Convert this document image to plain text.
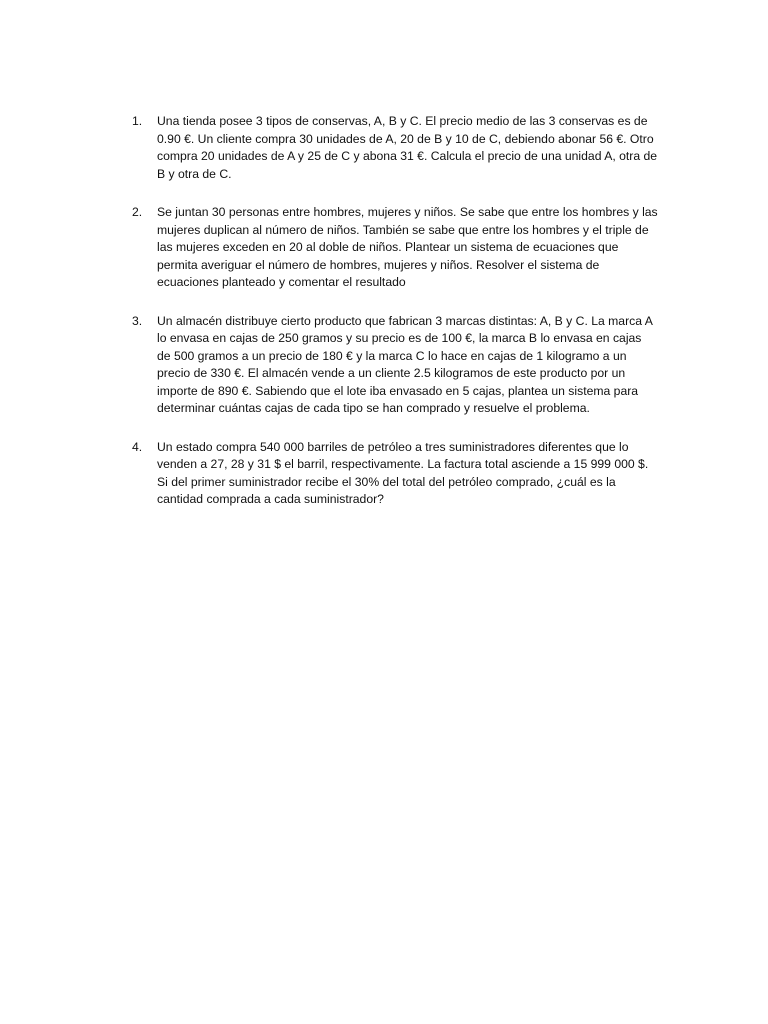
1.	Una tienda posee 3 tipos de conservas, A, B y C. El precio medio de las 3 conservas es de 0.90 €. Un cliente compra 30 unidades de A, 20 de B y 10 de C, debiendo abonar 56 €. Otro compra 20 unidades de A y 25 de C y abona 31 €. Calcula el precio de una unidad A, otra de B y otra de C.
2.	Se juntan 30 personas entre hombres, mujeres y niños. Se sabe que entre los hombres y las mujeres duplican al número de niños. También se sabe que entre los hombres y el triple de las mujeres exceden en 20 al doble de niños. Plantear un sistema de ecuaciones que permita averiguar el número de hombres, mujeres y niños. Resolver el sistema de ecuaciones planteado y comentar el resultado
3.	Un almacén distribuye cierto producto que fabrican 3 marcas distintas: A, B y C. La marca A lo envasa en cajas de 250 gramos y su precio es de 100 €, la marca B lo envasa en cajas de 500 gramos a un precio de 180 € y la marca C lo hace en cajas de 1 kilogramo a un precio de 330 €. El almacén vende a un cliente 2.5 kilogramos de este producto por un importe de 890 €. Sabiendo que el lote iba envasado en 5 cajas, plantea un sistema para determinar cuántas cajas de cada tipo se han comprado y resuelve el problema.
4.	Un estado compra 540 000 barriles de petróleo a tres suministradores diferentes que lo venden a 27, 28 y 31 $ el barril, respectivamente. La factura total asciende a 15 999 000 $. Si del primer suministrador recibe el 30% del total del petróleo comprado, ¿cuál es la cantidad comprada a cada suministrador?
